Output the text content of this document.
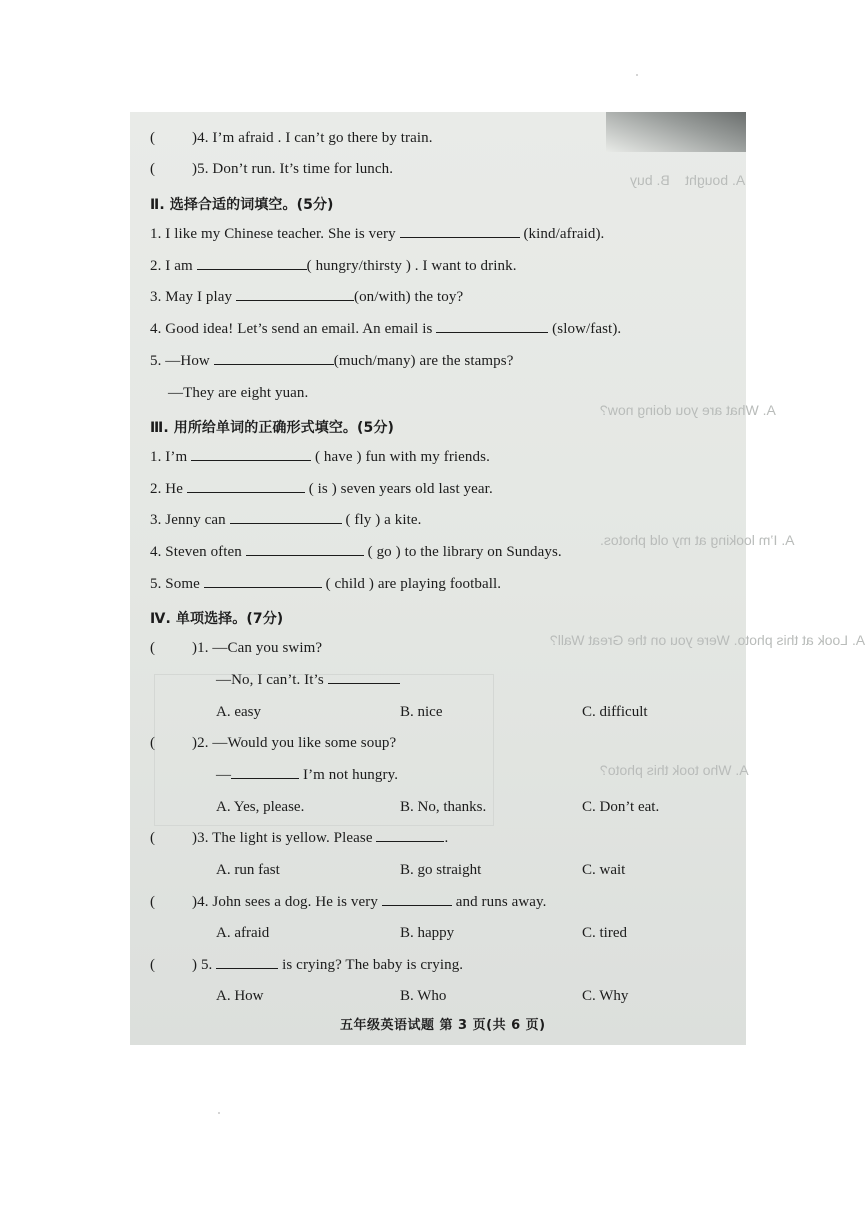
A. bought    B. buy
A. What are you doing now?
A. I’m looking at my old photos.
A. Look at this photo. Were you on the Great Wall?
A. Who took this photo?
( )4. I’m afraid . I can’t go there by train.
( )5. Don’t run. It’s time for lunch.
Ⅱ. 选择合适的词填空。(5分)
1. I like my Chinese teacher. She is very	(kind/afraid).
2. I am	( hungry/thirsty ) . I want to drink.
3. May I play	(on/with) the toy?
4. Good idea! Let’s send an email. An email is	(slow/fast).
5. —How	(much/many) are the stamps?
—They are eight yuan.
Ⅲ. 用所给单词的正确形式填空。(5分)
1. I’m	( have ) fun with my friends.
2. He	( is ) seven years old last year.
3. Jenny can	( fly ) a kite.
4. Steven often	( go ) to the library on Sundays.
5. Some	( child ) are playing football.
Ⅳ. 单项选择。(7分)
( )1. —Can you swim?
—No, I can’t. It’s
A. easy	B. nice	C. difficult
( )2. —Would you like some soup?
—	I’m not hungry.
A. Yes, please.	B. No, thanks.	C. Don’t eat.
( )3. The light is yellow. Please	.
A. run fast	B. go straight	C. wait
( )4. John sees a dog. He is very	and runs away.
A. afraid	B. happy	C. tired
( ) 5.	is crying? The baby is crying.
A. How	B. Who	C. Why
五年级英语试题 第 3 页(共 6 页)
